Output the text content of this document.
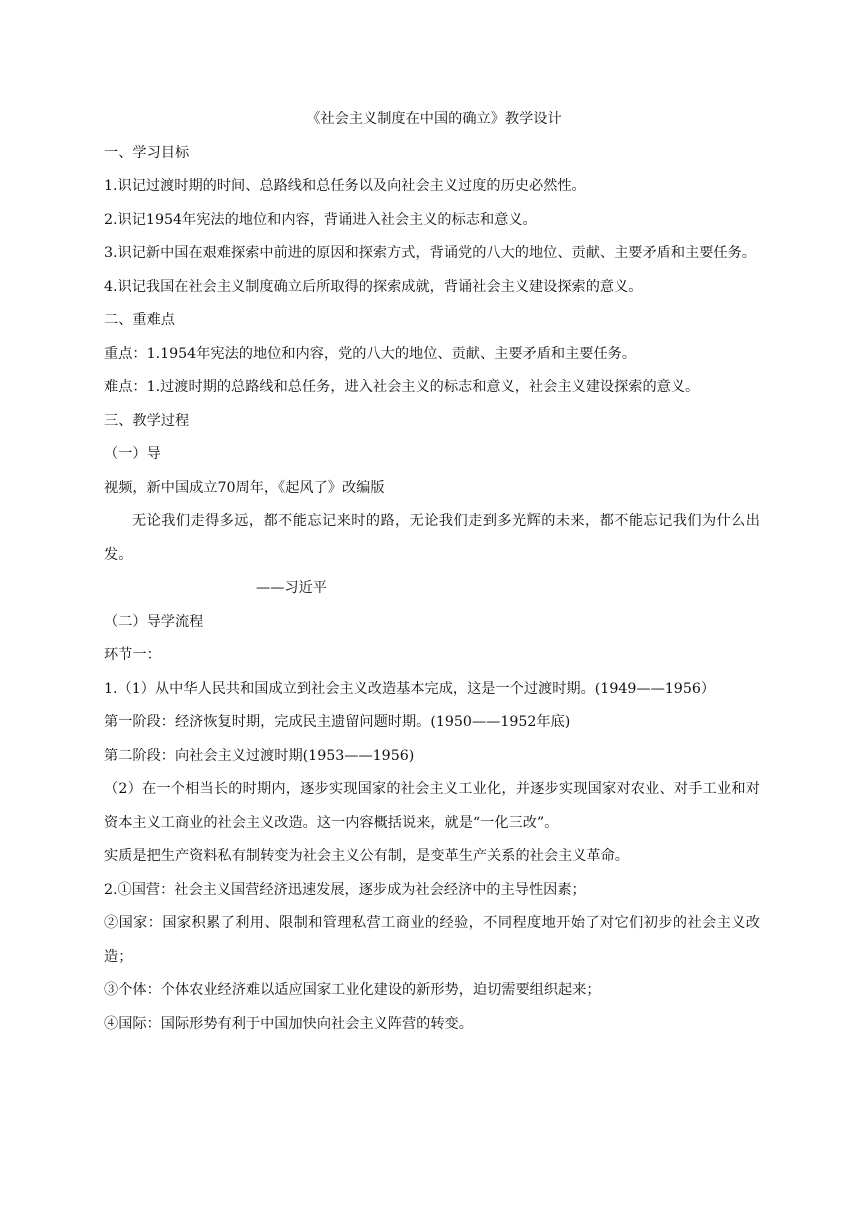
《社会主义制度在中国的确立》教学设计

一、学习目标

1.识记过渡时期的时间、总路线和总任务以及向社会主义过度的历史必然性。

2.识记1954年宪法的地位和内容，背诵进入社会主义的标志和意义。

3.识记新中国在艰难探索中前进的原因和探索方式，背诵党的八大的地位、贡献、主要矛盾和主要任务。

4.识记我国在社会主义制度确立后所取得的探索成就，背诵社会主义建设探索的意义。

二、重难点

重点：1.1954年宪法的地位和内容，党的八大的地位、贡献、主要矛盾和主要任务。

难点：1.过渡时期的总路线和总任务，进入社会主义的标志和意义，社会主义建设探索的意义。

三、教学过程

（一）导

视频，新中国成立70周年，《起风了》改编版

无论我们走得多远，都不能忘记来时的路，无论我们走到多光辉的未来，都不能忘记我们为什么出发。

——习近平

（二）导学流程

环节一：

1.（1）从中华人民共和国成立到社会主义改造基本完成，这是一个过渡时期。(1949——1956）

第一阶段：经济恢复时期，完成民主遗留问题时期。(1950——1952年底)

第二阶段：向社会主义过渡时期(1953——1956)

（2）在一个相当长的时期内，逐步实现国家的社会主义工业化，并逐步实现国家对农业、对手工业和对资本主义工商业的社会主义改造。这一内容概括说来，就是“一化三改”。

实质是把生产资料私有制转变为社会主义公有制，是变革生产关系的社会主义革命。

2.①国营：社会主义国营经济迅速发展，逐步成为社会经济中的主导性因素；

②国家：国家积累了利用、限制和管理私营工商业的经验，不同程度地开始了对它们初步的社会主义改造；

③个体：个体农业经济难以适应国家工业化建设的新形势，迫切需要组织起来；

④国际：国际形势有利于中国加快向社会主义阵营的转变。
